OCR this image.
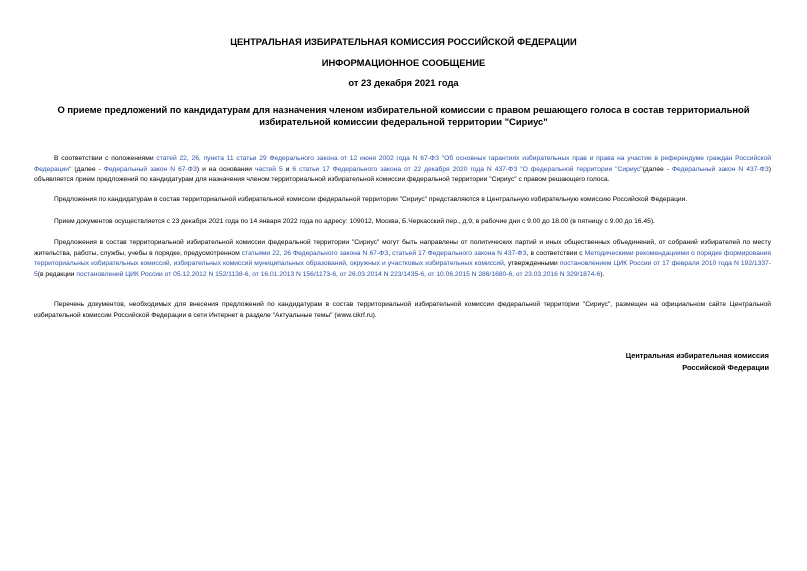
ЦЕНТРАЛЬНАЯ ИЗБИРАТЕЛЬНАЯ КОМИССИЯ РОССИЙСКОЙ ФЕДЕРАЦИИ
ИНФОРМАЦИОННОЕ СООБЩЕНИЕ
от 23 декабря 2021 года
О приеме предложений по кандидатурам для назначения членом избирательной комиссии с правом решающего голоса в состав территориальной избирательной комиссии федеральной территории "Сириус"

В соответствии с положениями статей 22, 26, пункта 11 статьи 29 Федерального закона от 12 июня 2002 года N 67-ФЗ "Об основных гарантиях избирательных прав и права на участие в референдуме граждан Российской Федерации" (далее - Федеральный закон N 67-ФЗ) и на основании частей 5 и 6 статьи 17 Федерального закона от 22 декабря 2020 года N 437-ФЗ "О федеральной территории "Сириус"(далее - Федеральный закон N 437-ФЗ) объявляется прием предложений по кандидатурам для назначения членом территориальной избирательной комиссии федеральной территории "Сириус" с правом решающего голоса.

Предложения по кандидатурам в состав территориальной избирательной комиссии федеральной территории "Сириус" представляются в Центральную избирательную комиссию Российской Федерации.

Прием документов осуществляется с 23 декабря 2021 года по 14 января 2022 года по адресу: 109012, Москва, Б.Черкасский пер., д.9, в рабочие дни с 9.00 до 18.00 (в пятницу с 9.00 до 16.45).

Предложения в состав территориальной избирательной комиссии федеральной территории "Сириус" могут быть направлены от политических партий и иных общественных объединений, от собраний избирателей по месту жительства, работы, службы, учебы в порядке, предусмотренном статьями 22, 26 Федерального закона N 67-ФЗ, статьей 17 Федерального закона N 437-ФЗ, в соответствии с Методическими рекомендациями о порядке формирования территориальных избирательных комиссий, избирательных комиссий муниципальных образований, окружных и участковых избирательных комиссий, утвержденными постановлением ЦИК России от 17 февраля 2010 года N 192/1337-5(в редакции постановлений ЦИК России от 05.12.2012 N 152/1138-6, от 16.01.2013 N 156/1173-6, от 26.03.2014 N 223/1435-6, от 10.06.2015 N 286/1680-6, от 23.03.2016 N 329/1874-6).

Перечень документов, необходимых для внесения предложений по кандидатурам в состав территориальной избирательной комиссии федеральной территории "Сириус", размещен на официальном сайте Центральной избирательной комиссии Российской Федерации в сети Интернет в разделе "Актуальные темы" (www.cikrf.ru).

Центральная избирательная комиссия
Российской Федерации
